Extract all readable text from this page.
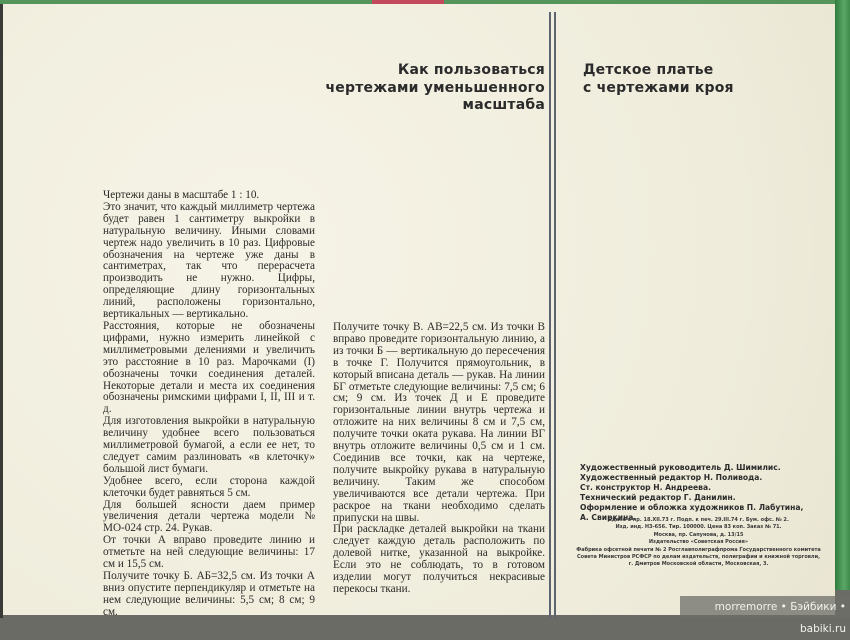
Как пользоваться
чертежами уменьшенного
масштаба
Детское платье
с чертежами кроя

Чертежи даны в масштабе 1 : 10.

Это значит, что каждый миллиметр чертежа будет равен 1 сантиметру выкройки в натуральную величину. Иными словами чертеж надо увеличить в 10 раз. Цифровые обозначения на чертеже уже даны в сантиметрах, так что перерасчета производить не нужно. Цифры, определяющие длину горизонтальных линий, расположены горизонтально, вертикальных — вертикально.

Расстояния, которые не обозначены цифрами, нужно измерить линейкой с миллиметровыми делениями и увеличить это расстояние в 10 раз. Марочками (I) обозначены точки соединения деталей. Некоторые детали и места их соединения обозначены римскими цифрами I, II, III и т. д.

Для изготовления выкройки в натуральную величину удобнее всего пользоваться миллиметровой бумагой, а если ее нет, то следует самим разлиновать «в клеточку» большой лист бумаги.

Удобнее всего, если сторона каждой клеточки будет равняться 5 см.

Для большей ясности даем пример увеличения детали чертежа модели № МО-024 стр. 24. Рукав.

От точки А вправо проведите линию и отметьте на ней следующие величины: 17 см и 15,5 см.

Получите точку Б. АБ=32,5 см. Из точки А вниз опустите перпендикуляр и отметьте на нем следующие величины: 5,5 см; 8 см; 9 см.

Получите точку В. АВ=22,5 см. Из точки В вправо проведите горизонтальную линию, а из точки Б — вертикальную до пересечения в точке Г. Получится прямоугольник, в который вписана деталь — рукав. На линии БГ отметьте следующие величины: 7,5 см; 6 см; 9 см. Из точек Д и Е проведите горизонтальные линии внутрь чертежа и отложите на них величины 8 см и 7,5 см, получите точки оката рукава. На линии ВГ внутрь отложите величины 0,5 см и 1 см. Соединив все точки, как на чертеже, получите выкройку рукава в натуральную величину. Таким же способом увеличиваются все детали чертежа. При раскрое на ткани необходимо сделать припуски на швы.

При раскладке деталей выкройки на ткани следует каждую деталь расположить по долевой нитке, указанной на выкройке. Если это не соблюдать, то в готовом изделии могут получиться некрасивые перекосы ткани.

Художественный руководитель Д. Шимилис.

Художественный редактор Н. Поливода.

Ст. конструктор Н. Андреева.

Технический редактор Г. Данилин.

Оформление и обложка художников П. Лабутина,

А. Свиркина.

Сдано в пр. 18.XII.73 г. Подп. к печ. 29.III.74 г. Бум. офс. № 2.

Изд. инд. НЗ-656. Тир. 100000. Цена 83 коп. Заказ № 71.

Москва, пр. Сапунова, д. 13/15

Издательство «Советская Россия»

Фабрика офсетной печати № 2 Росглавполиграфпрома Государственного комитета Совета Министров РСФСР по делам издательств, полиграфии и книжной торговли, г. Дмитров Московской области, Московская, 3.

morremorre • Бэйбики • babiki.ru
